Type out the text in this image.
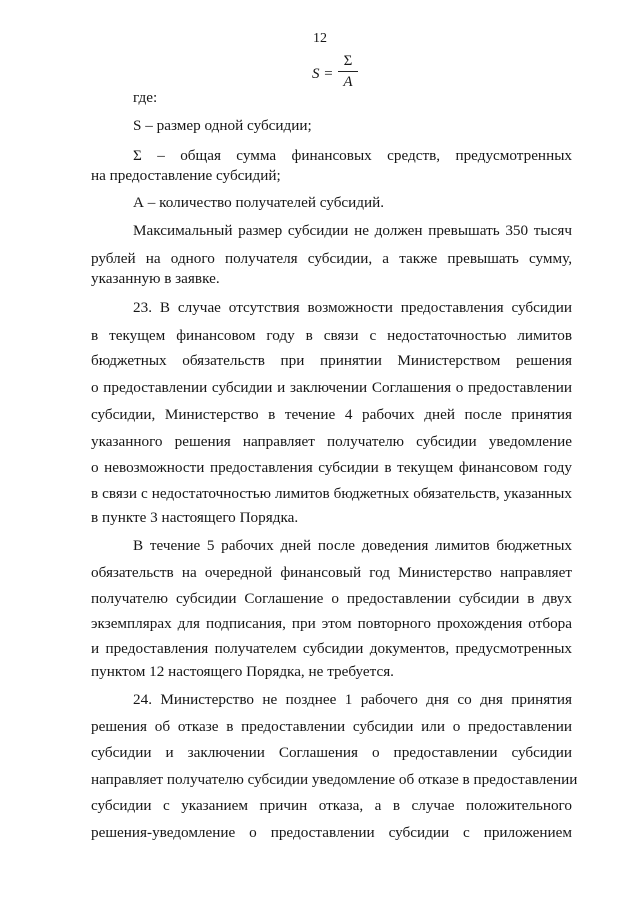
12
S =
Σ
A
где:
S – размер одной субсидии;
Σ – общая сумма финансовых средств, предусмотренных
на предоставление субсидий;
А – количество получателей субсидий.
Максимальный размер субсидии не должен превышать 350 тысяч
рублей на одного получателя субсидии, а также превышать сумму,
указанную в заявке.
23. В случае отсутствия возможности предоставления субсидии
в текущем финансовом году в связи с недостаточностью лимитов
бюджетных обязательств при принятии Министерством решения
о предоставлении субсидии и заключении Соглашения о предоставлении
субсидии, Министерство в течение 4 рабочих дней после принятия
указанного решения направляет получателю субсидии уведомление
о невозможности предоставления субсидии в текущем финансовом году
в связи с недостаточностью лимитов бюджетных обязательств, указанных
в пункте 3 настоящего Порядка.
В течение 5 рабочих дней после доведения лимитов бюджетных
обязательств на очередной финансовый год Министерство направляет
получателю субсидии Соглашение о предоставлении субсидии в двух
экземплярах для подписания, при этом повторного прохождения отбора
и предоставления получателем субсидии документов, предусмотренных
пунктом 12 настоящего Порядка, не требуется.
24. Министерство не позднее 1 рабочего дня со дня принятия
решения об отказе в предоставлении субсидии или о предоставлении
субсидии и заключении Соглашения о предоставлении субсидии
направляет получателю субсидии уведомление об отказе в предоставлении
субсидии с указанием причин отказа, а в случае положительного
решения-уведомление о предоставлении субсидии с приложением
